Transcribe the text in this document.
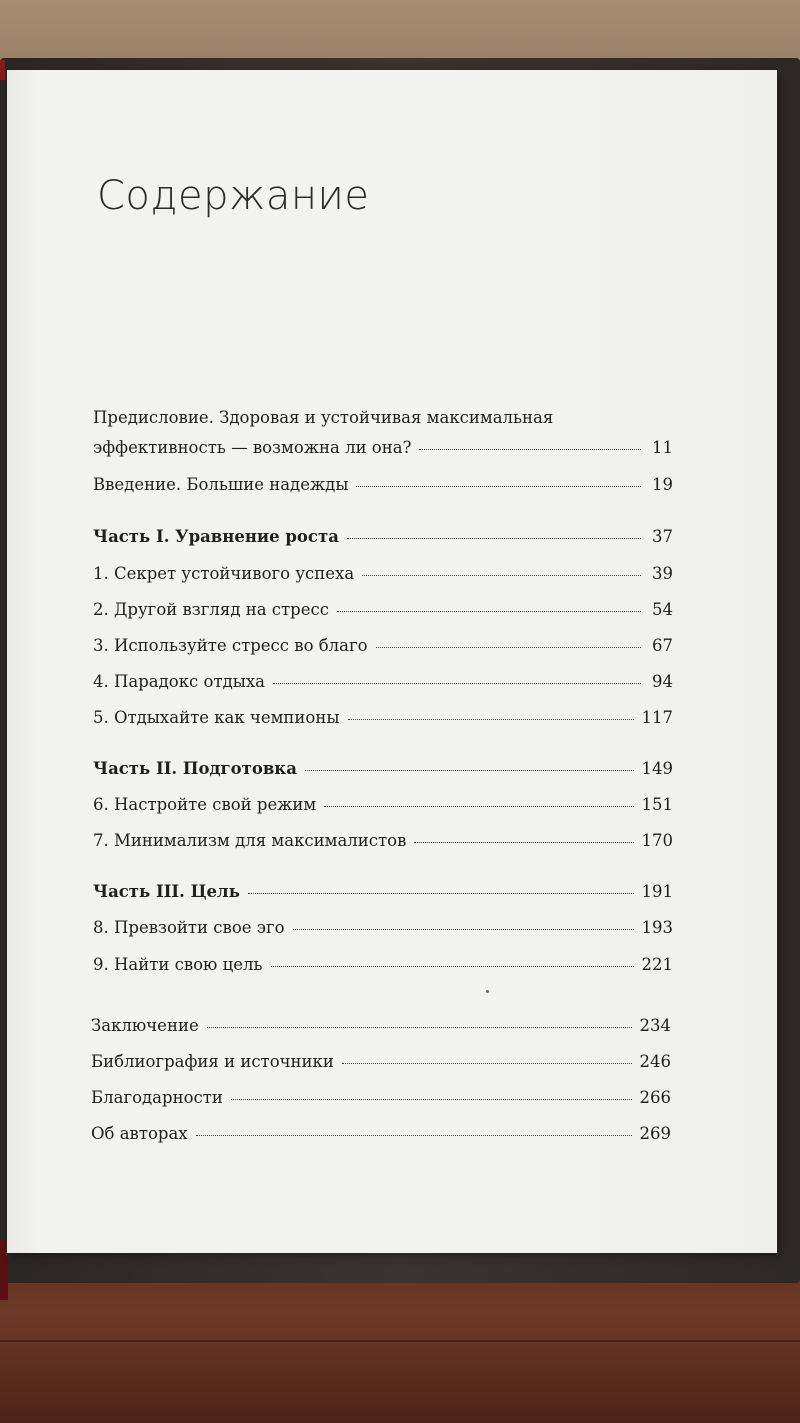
Содержание
Предисловие. Здоровая и устойчивая максимальная
эффективность — возможна ли она?	11
Введение. Большие надежды	19
Часть I. Уравнение роста	37
1. Секрет устойчивого успеха	39
2. Другой взгляд на стресс	54
3. Используйте стресс во благо	67
4. Парадокс отдыха	94
5. Отдыхайте как чемпионы	117
Часть II. Подготовка	149
6. Настройте свой режим	151
7. Минимализм для максималистов	170
Часть III. Цель	191
8. Превзойти свое эго	193
9. Найти свою цель	221
Заключение	234
Библиография и источники	246
Благодарности	266
Об авторах	269
